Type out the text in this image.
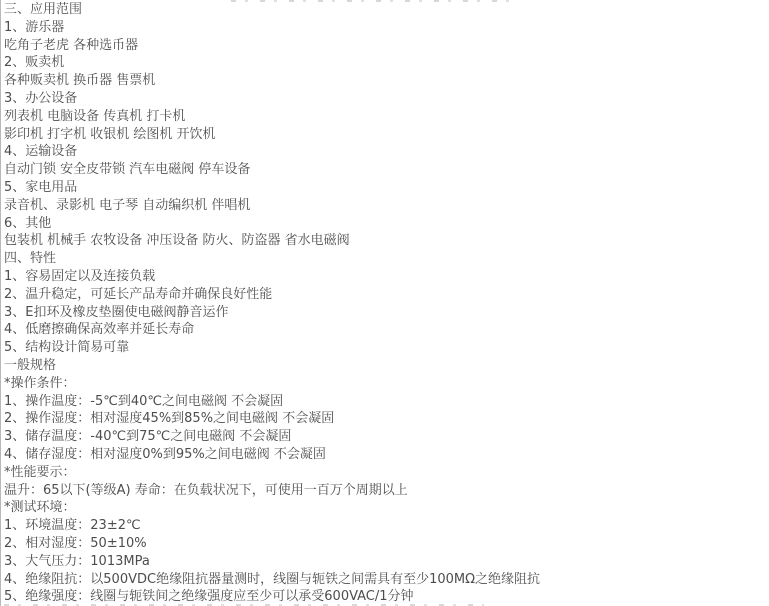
三、应用范围
1、游乐器
吃角子老虎 各种选币器
2、贩卖机
各种贩卖机 换币器 售票机
3、办公设备
列表机 电脑设备 传真机 打卡机
影印机 打字机 收银机 绘图机 开饮机
4、运输设备
自动门锁 安全皮带锁 汽车电磁阀 停车设备
5、家电用品
录音机、录影机 电子琴 自动编织机 伴唱机
6、其他
包装机 机械手 农牧设备 冲压设备 防火、防盗器 省水电磁阀
四、特性
1、容易固定以及连接负载
2、温升稳定，可延长产品寿命并确保良好性能
3、E扣环及橡皮垫圈使电磁阀静音运作
4、低磨擦确保高效率并延长寿命
5、结构设计简易可靠
一般规格
*操作条件：
1、操作温度：-5℃到40℃之间电磁阀 不会凝固
2、操作湿度：相对湿度45%到85%之间电磁阀 不会凝固
3、储存温度：-40℃到75℃之间电磁阀 不会凝固
4、储存湿度：相对湿度0%到95%之间电磁阀 不会凝固
*性能要示：
温升：65以下(等级A) 寿命：在负载状况下，可使用一百万个周期以上
*测试环境：
1、环境温度：23±2℃
2、相对湿度：50±10%
3、大气压力：1013MPa
4、绝缘阻抗：以500VDC绝缘阻抗器量测时，线圈与轭铁之间需具有至少100MΩ之绝缘阻抗
5、绝缘强度：线圈与轭铁间之绝缘强度应至少可以承受600VAC/1分钟
